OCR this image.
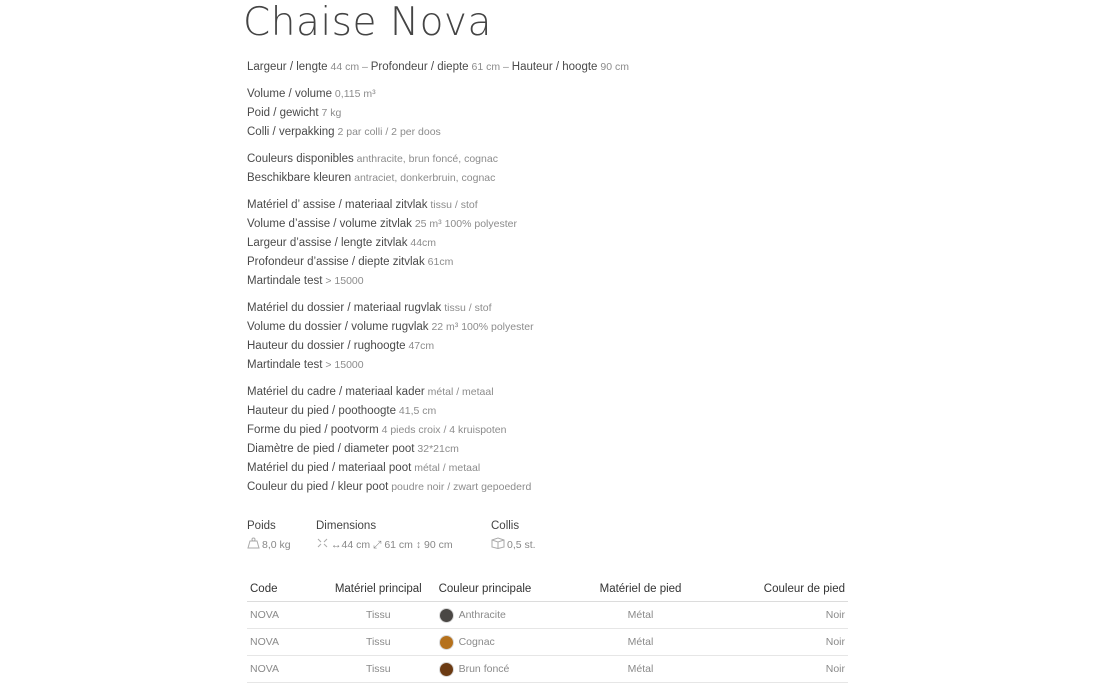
Chaise Nova
Largeur / lengte 44 cm – Profondeur / diepte 61 cm – Hauteur / hoogte 90 cm
Volume / volume 0,115 m³
Poid / gewicht 7 kg
Colli / verpakking 2 par colli / 2 per doos
Couleurs disponibles anthracite, brun foncé, cognac
Beschikbare kleuren antraciet, donkerbruin, cognac
Matériel d’ assise / materiaal zitvlak tissu / stof
Volume d’assise / volume zitvlak 25 m³ 100% polyester
Largeur d’assise / lengte zitvlak 44cm
Profondeur d’assise / diepte zitvlak 61cm
Martindale test > 15000
Matériel du dossier / materiaal rugvlak tissu / stof
Volume du dossier / volume rugvlak 22 m³ 100% polyester
Hauteur du dossier / rughoogte 47cm
Martindale test > 15000
Matériel du cadre / materiaal kader métal / metaal
Hauteur du pied / poothoogte 41,5 cm
Forme du pied / pootvorm 4 pieds croix / 4 kruispoten
Diamètre de pied / diameter poot 32*21cm
Matériel du pied / materiaal poot métal / metaal
Couleur du pied / kleur poot poudre noir / zwart gepoederd
Poids
8,0 kg
Dimensions
↔44 cm
⤢ 61 cm
↕ 90 cm
Collis
0,5 st.
Code	Matériel principal	Couleur principale	Matériel de pied	Couleur de pied
NOVA	Tissu	Anthracite	Métal	Noir
NOVA	Tissu	Cognac	Métal	Noir
NOVA	Tissu	Brun foncé	Métal	Noir
